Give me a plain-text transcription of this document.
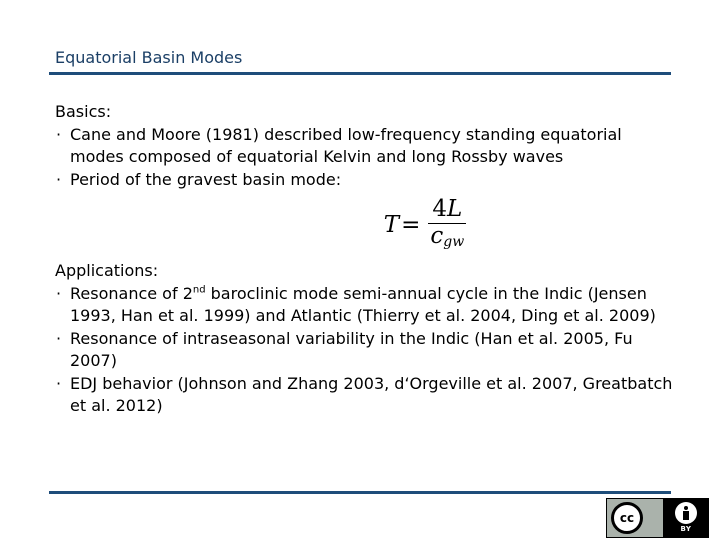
Equatorial Basin Modes
Basics:
· Cane and Moore (1981) described low-frequency standing equatorial modes composed of equatorial Kelvin and long Rossby waves
· Period of the gravest basin mode:
$T = \frac{4L}{c_{gw}}$
Applications:
· Resonance of 2nd baroclinic mode semi-annual cycle in the Indic (Jensen 1993, Han et al. 1999) and Atlantic (Thierry et al. 2004, Ding et al. 2009)
· Resonance of intraseasonal variability in the Indic (Han et al. 2005, Fu 2007)
· EDJ behavior (Johnson and Zhang 2003, d‘Orgeville et al. 2007, Greatbatch et al. 2012)
cc
BY
